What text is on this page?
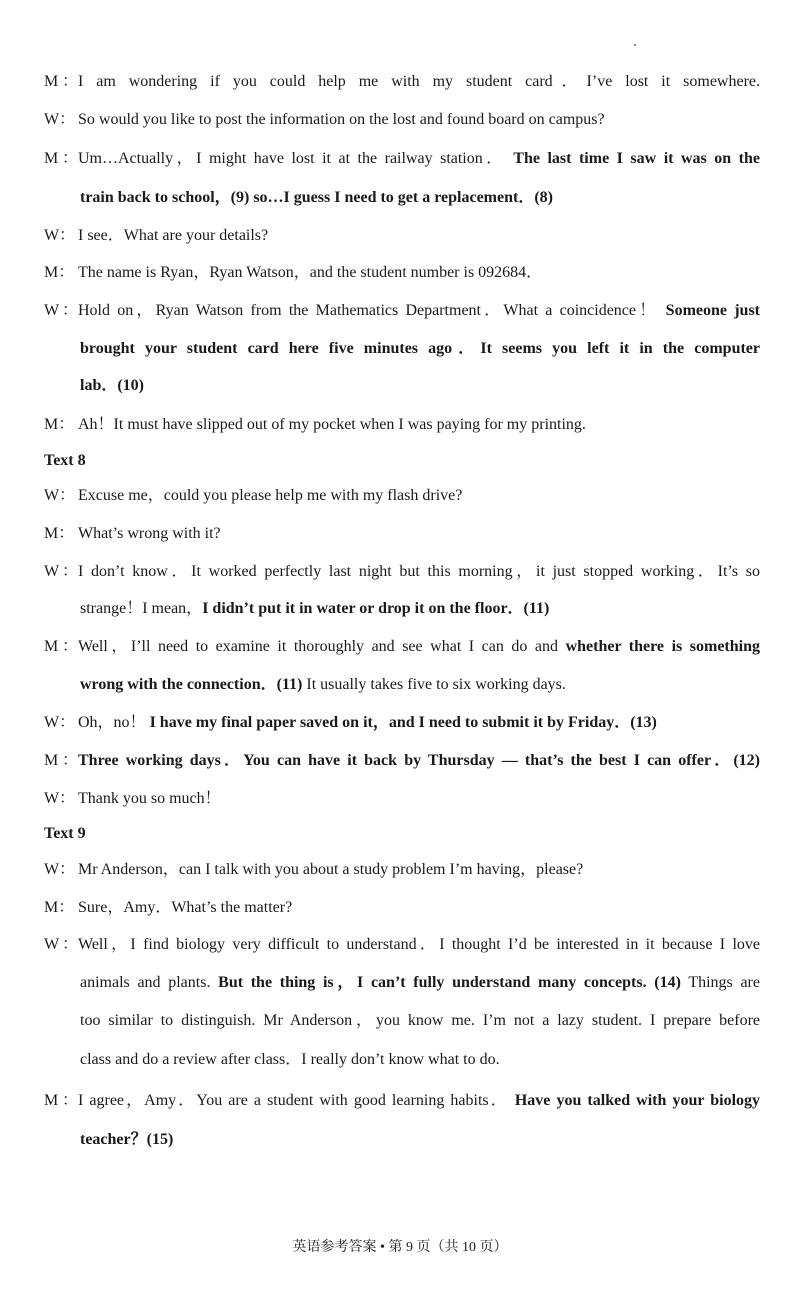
M：I am wondering if you could help me with my student card．I’ve lost it somewhere.
W： So would you like to post the information on the lost and found board on campus?
M：Um…Actually，I might have lost it at the railway station． The last time I saw it was on the
train back to school，(9) so…I guess I need to get a replacement．(8)
W： I see．What are your details?
M： The name is Ryan，Ryan Watson，and the student number is 092684．
W：Hold on，Ryan Watson from the Mathematics Department．What a coincidence！ Someone just
brought your student card here five minutes ago．It seems you left it in the computer
lab．(10)
M： Ah！It must have slipped out of my pocket when I was paying for my printing.
Text 8
W： Excuse me，could you please help me with my flash drive?
M： What’s wrong with it?
W：I don’t know．It worked perfectly last night but this morning，it just stopped working．It’s so
strange！I mean，I didn’t put it in water or drop it on the floor．(11)
M：Well，I’ll need to examine it thoroughly and see what I can do and whether there is something
wrong with the connection．(11) It usually takes five to six working days.
W： Oh，no！ I have my final paper saved on it，and I need to submit it by Friday．(13)
M：Three working days．You can have it back by Thursday — that’s the best I can offer．(12)
W： Thank you so much！
Text 9
W： Mr Anderson，can I talk with you about a study problem I’m having，please?
M： Sure，Amy．What’s the matter?
W：Well，I find biology very difficult to understand．I thought I’d be interested in it because I love
animals and plants. But the thing is，I can’t fully understand many concepts. (14) Things are
too similar to distinguish. Mr Anderson，you know me. I’m not a lazy student. I prepare before
class and do a review after class．I really don’t know what to do.
M：I agree，Amy．You are a student with good learning habits． Have you talked with your biology
teacher？(15)
英语参考答案 • 第 9 页（共 10 页）
